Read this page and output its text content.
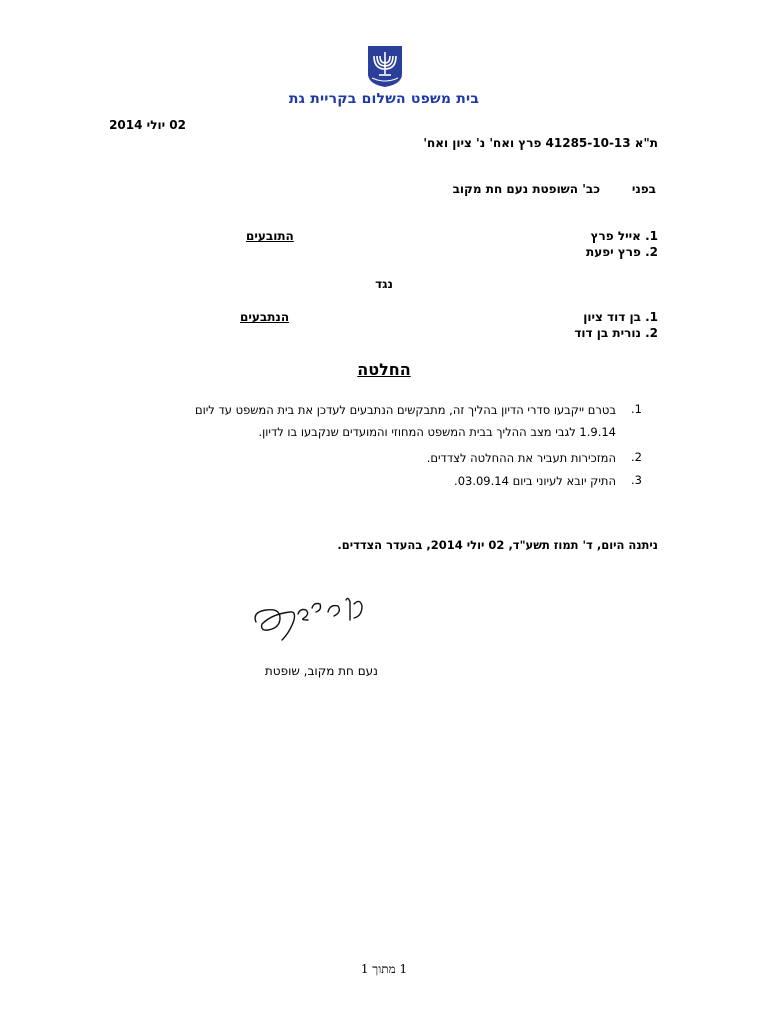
בית משפט השלום בקריית גת
02 יולי 2014
ת"א 41285-10-13 פרץ ואח' נ' ציון ואח'
בפני
כב' השופטת נעם חת מקוב
1. אייל פרץ
2. פרץ יפעת
התובעים
נגד
1. בן דוד ציון
2. נורית בן דוד
הנתבעים
החלטה
1.
בטרם ייקבעו סדרי הדיון בהליך זה, מתבקשים הנתבעים לעדכן את בית המשפט עד ליום
1.9.14 לגבי מצב ההליך בבית המשפט המחוזי והמועדים שנקבעו בו לדיון.
2.
המזכירות תעביר את ההחלטה לצדדים.
3.
התיק יובא לעיוני ביום 03.09.14.
ניתנה היום, ד' תמוז תשע"ד, 02 יולי 2014, בהעדר הצדדים.
נעם חת מקוב, שופטת
1 מתוך 1
